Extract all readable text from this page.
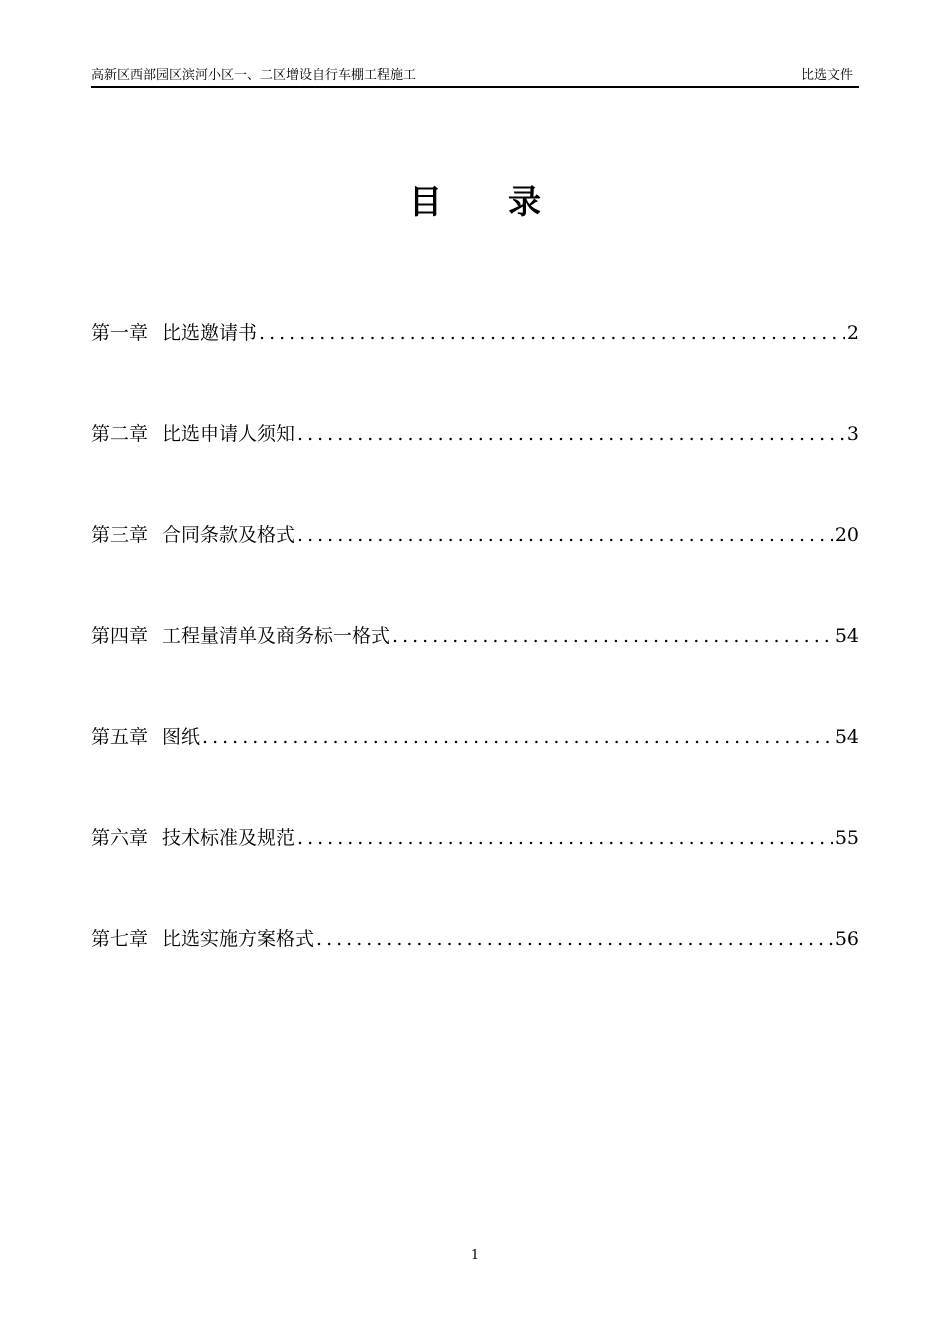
高新区西部园区滨河小区一、二区增设自行车棚工程施工	比选文件
目录
第一章 比选邀请书 .....	2
第二章 比选申请人须知 .....	3
第三章 合同条款及格式 .....	20
第四章 工程量清单及商务标一格式 .....	54
第五章 图纸 .....	54
第六章 技术标准及规范 .....	55
第七章 比选实施方案格式 .....	56
1
